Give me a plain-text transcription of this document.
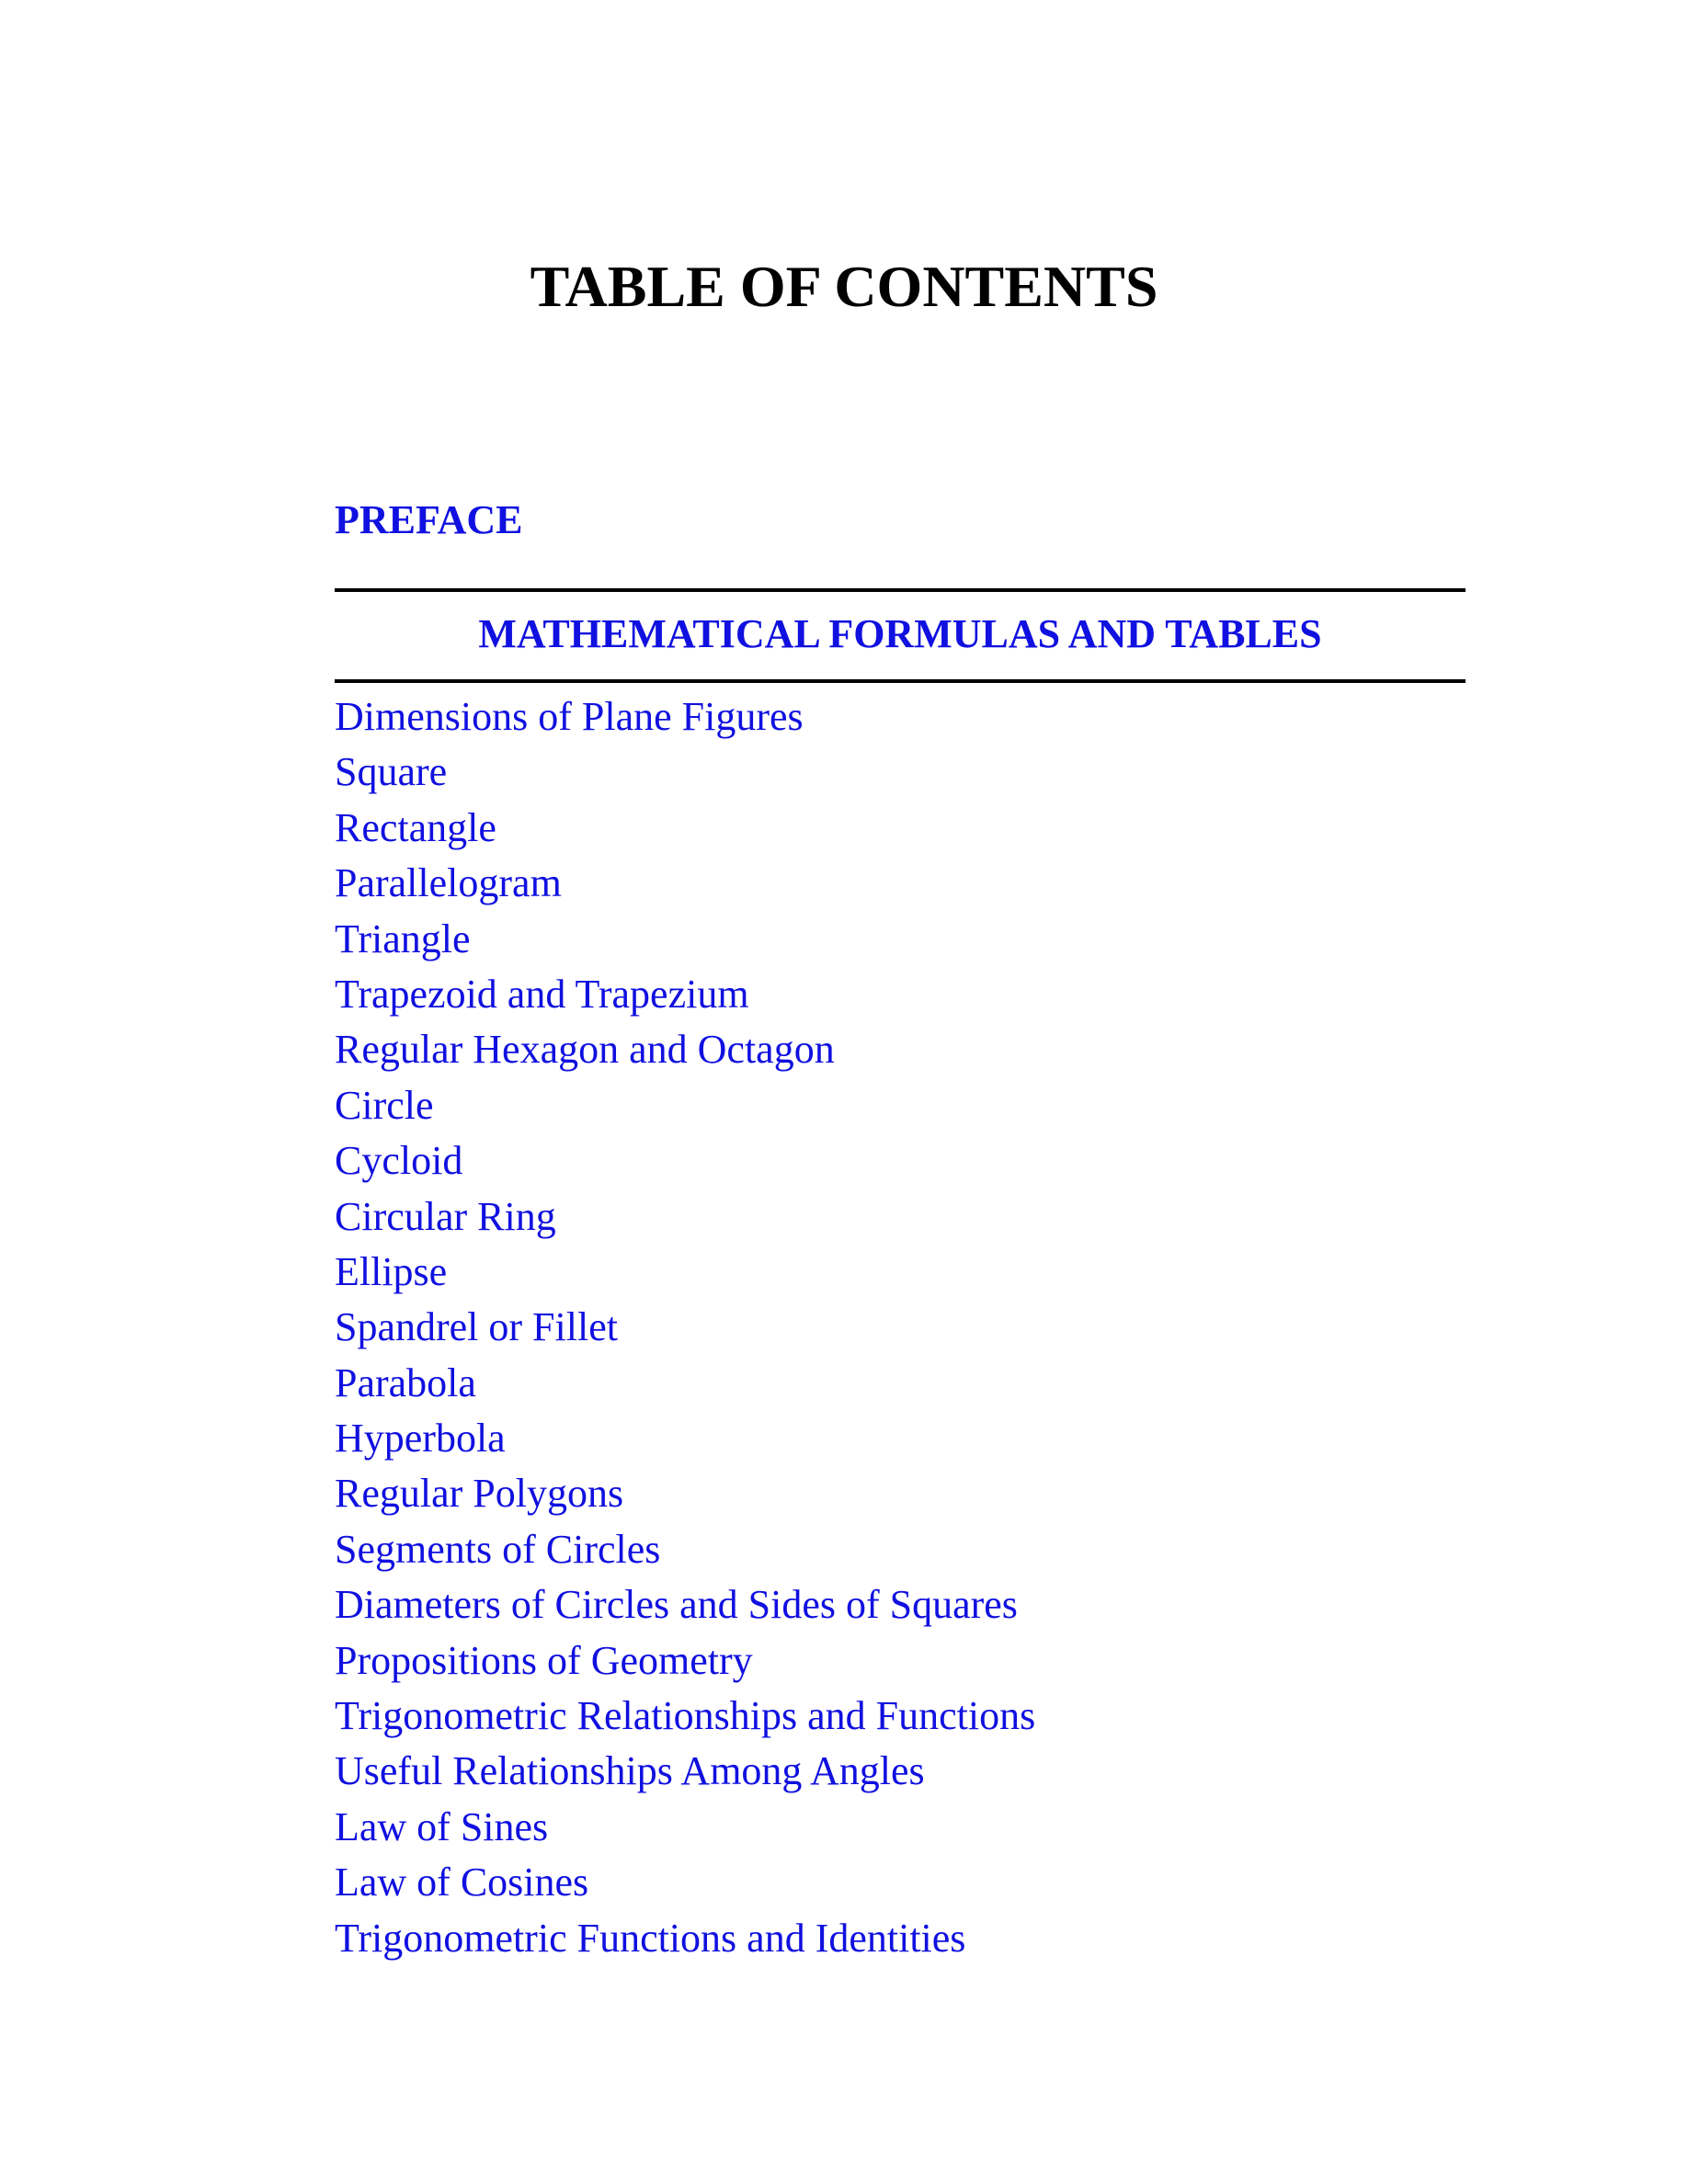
TABLE OF CONTENTS
PREFACE
MATHEMATICAL FORMULAS AND TABLES
Dimensions of Plane Figures
Square
Rectangle
Parallelogram
Triangle
Trapezoid and Trapezium
Regular Hexagon and Octagon
Circle
Cycloid
Circular Ring
Ellipse
Spandrel or Fillet
Parabola
Hyperbola
Regular Polygons
Segments of Circles
Diameters of Circles and Sides of Squares
Propositions of Geometry
Trigonometric Relationships and Functions
Useful Relationships Among Angles
Law of Sines
Law of Cosines
Trigonometric Functions and Identities
